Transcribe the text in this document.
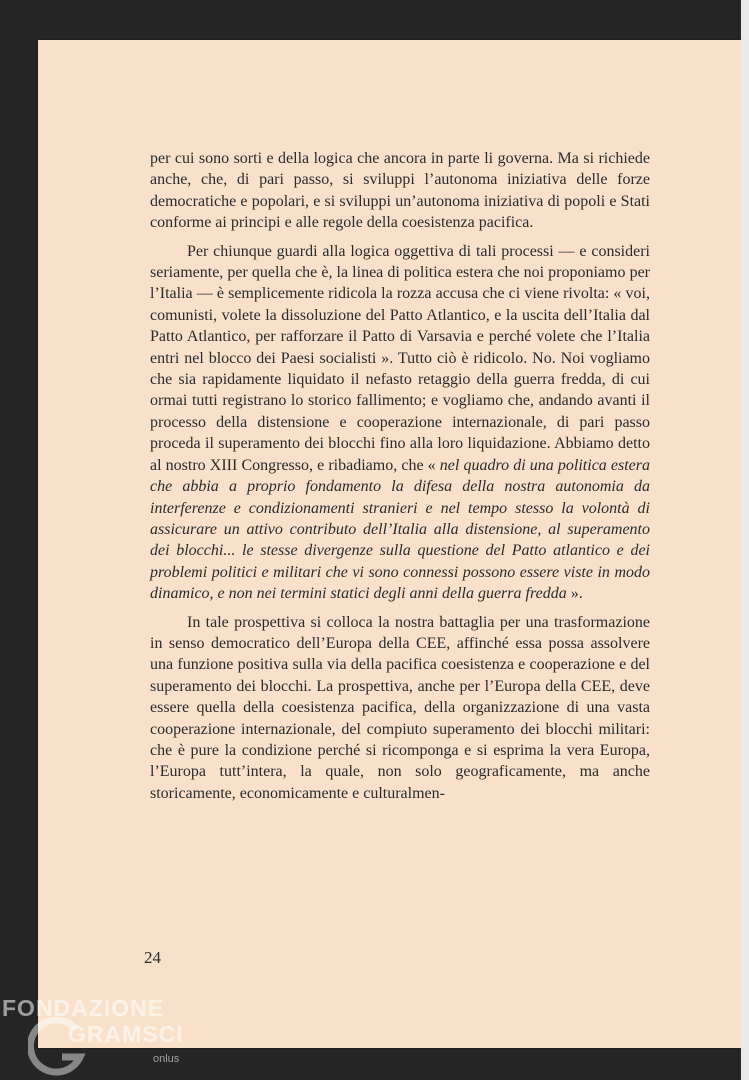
per cui sono sorti e della logica che ancora in parte li governa. Ma si richiede anche, che, di pari passo, si sviluppi l’autonoma iniziativa delle forze democratiche e popolari, e si sviluppi un’autonoma iniziativa di popoli e Stati conforme ai principi e alle regole della coesistenza pacifica.

Per chiunque guardi alla logica oggettiva di tali processi — e consideri seriamente, per quella che è, la linea di politica estera che noi proponiamo per l’Italia — è semplicemente ridicola la rozza accusa che ci viene rivolta: « voi, comunisti, volete la dissoluzione del Patto Atlantico, e la uscita dell’Italia dal Patto Atlantico, per rafforzare il Patto di Varsavia e perché volete che l’Italia entri nel blocco dei Paesi socialisti ». Tutto ciò è ridicolo. No. Noi vogliamo che sia rapidamente liquidato il nefasto retaggio della guerra fredda, di cui ormai tutti registrano lo storico fallimento; e vogliamo che, andando avanti il processo della distensione e cooperazione internazionale, di pari passo proceda il superamento dei blocchi fino alla loro liquidazione. Abbiamo detto al nostro XIII Congresso, e ribadiamo, che « nel quadro di una politica estera che abbia a proprio fondamento la difesa della nostra autonomia da interferenze e condizionamenti stranieri e nel tempo stesso la volontà di assicurare un attivo contributo dell’Italia alla distensione, al superamento dei blocchi... le stesse divergenze sulla questione del Patto atlantico e dei problemi politici e militari che vi sono connessi possono essere viste in modo dinamico, e non nei termini statici degli anni della guerra fredda ».

In tale prospettiva si colloca la nostra battaglia per una trasformazione in senso democratico dell’Europa della CEE, affinché essa possa assolvere una funzione positiva sulla via della pacifica coesistenza e cooperazione e del superamento dei blocchi. La prospettiva, anche per l’Europa della CEE, deve essere quella della coesistenza pacifica, della organizzazione di una vasta cooperazione internazionale, del compiuto superamento dei blocchi militari: che è pure la condizione perché si ricomponga e si esprima la vera Europa, l’Europa tutt’intera, la quale, non solo geograficamente, ma anche storicamente, economicamente e culturalmen-

24
FONDAZIONE
GRAMSCI
onlus
